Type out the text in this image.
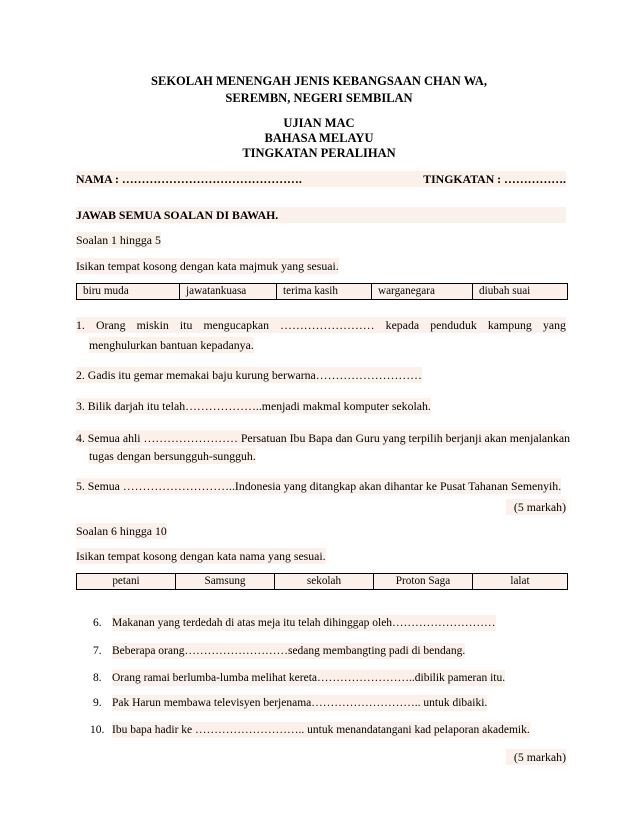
SEKOLAH MENENGAH JENIS KEBANGSAAN CHAN WA,
SEREMBN, NEGERI SEMBILAN
UJIAN MAC
BAHASA MELAYU
TINGKATAN PERALIHAN
NAMA : ……………………………………….	TINGKATAN : …………….
JAWAB SEMUA SOALAN DI BAWAH.
Soalan 1 hingga 5
Isikan tempat kosong dengan kata majmuk yang sesuai.
biru muda	jawatankuasa	terima kasih	warganegara	diubah suai
1. Orang miskin itu mengucapkan …………………… kepada penduduk kampung yang
menghulurkan bantuan kepadanya.
2. Gadis itu gemar memakai baju kurung berwarna………………………
3. Bilik darjah itu telah………………..menjadi makmal komputer sekolah.
4. Semua ahli …………………… Persatuan Ibu Bapa dan Guru yang terpilih berjanji akan menjalankan
tugas dengan bersungguh-sungguh.
5. Semua ………………………..Indonesia yang ditangkap akan dihantar ke Pusat Tahanan Semenyih.
(5 markah)
Soalan 6 hingga 10
Isikan tempat kosong dengan kata nama yang sesuai.
petani	Samsung	sekolah	Proton Saga	lalat
6. Makanan yang terdedah di atas meja itu telah dihinggap oleh………………………
7. Beberapa orang………………………sedang membangting padi di bendang.
8. Orang ramai berlumba-lumba melihat kereta……………………..dibilik pameran itu.
9. Pak Harun membawa televisyen berjenama……………………….. untuk dibaiki.
10. Ibu bapa hadir ke ……………………….. untuk menandatangani kad pelaporan akademik.
(5 markah)
